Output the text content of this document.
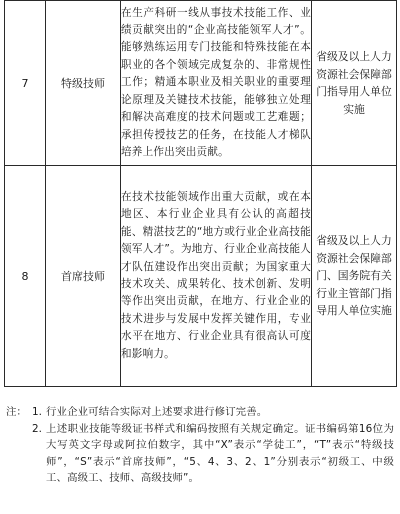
7	特级技师	在生产科研一线从事技术技能工作、业绩贡献突出的“企业高技能领军人才”。能够熟练运用专门技能和特殊技能在本职业的各个领域完成复杂的、非常规性工作；精通本职业及相关职业的重要理论原理及关键技术技能，能够独立处理和解决高难度的技术问题或工艺难题；承担传授技艺的任务，在技能人才梯队培养上作出突出贡献。	省级及以上人力资源社会保障部门指导用人单位实施
8	首席技师	在技术技能领域作出重大贡献，或在本地区、本行业企业具有公认的高超技能、精湛技艺的“地方或行业企业高技能领军人才”。为地方、行业企业高技能人才队伍建设作出突出贡献；为国家重大技术攻关、成果转化、技术创新、发明等作出突出贡献，在地方、行业企业的技术进步与发展中发挥关键作用，专业水平在地方、行业企业具有很高认可度和影响力。	省级及以上人力资源社会保障部门、国务院有关行业主管部门指导用人单位实施
注： 1. 行业企业可结合实际对上述要求进行修订完善。
2. 上述职业技能等级证书样式和编码按照有关规定确定。证书编码第16位为大写英文字母或阿拉伯数字，其中“X”表示“学徒工”，“T”表示“特级技师”，“S”表示“首席技师”，“5、4、3、2、1”分别表示“初级工、中级工、高级工、技师、高级技师”。
